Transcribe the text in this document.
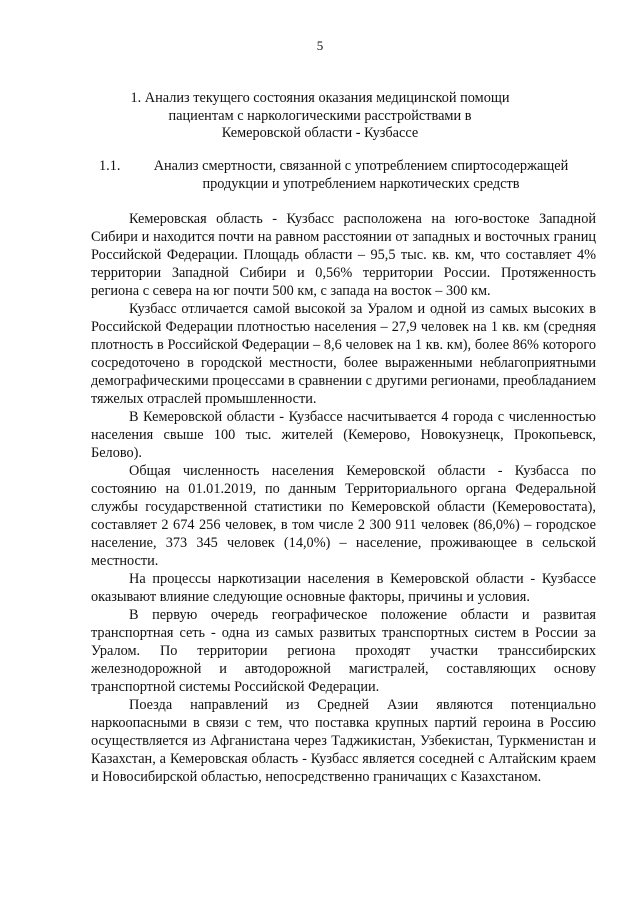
5
1. Анализ текущего состояния оказания медицинской помощи пациентам с наркологическими расстройствами в Кемеровской области - Кузбассе
1.1.	Анализ смертности, связанной с употреблением спиртосодержащей продукции и употреблением наркотических средств

Кемеровская область - Кузбасс расположена на юго-востоке Западной Сибири и находится почти на равном расстоянии от западных и восточных границ Российской Федерации. Площадь области – 95,5 тыс. кв. км, что составляет 4% территории Западной Сибири и 0,56% территории России. Протяженность региона с севера на юг почти 500 км, с запада на восток – 300 км.

Кузбасс отличается самой высокой за Уралом и одной из самых высоких в Российской Федерации плотностью населения – 27,9 человек на 1 кв. км (средняя плотность в Российской Федерации – 8,6 человек на 1 кв. км), более 86% которого сосредоточено в городской местности, более выраженными неблагоприятными демографическими процессами в сравнении с другими регионами, преобладанием тяжелых отраслей промышленности.

В Кемеровской области - Кузбассе насчитывается 4 города с численностью населения свыше 100 тыс. жителей (Кемерово, Новокузнецк, Прокопьевск, Белово).

Общая численность населения Кемеровской области - Кузбасса по состоянию на 01.01.2019, по данным Территориального органа Федеральной службы государственной статистики по Кемеровской области (Кемеровостата), составляет 2 674 256 человек, в том числе 2 300 911 человек (86,0%) – городское население, 373 345 человек (14,0%) – население, проживающее в сельской местности.

На процессы наркотизации населения в Кемеровской области - Кузбассе оказывают влияние следующие основные факторы, причины и условия.

В первую очередь географическое положение области и развитая транспортная сеть - одна из самых развитых транспортных систем в России за Уралом. По территории региона проходят участки транссибирских железнодорожной и автодорожной магистралей, составляющих основу транспортной системы Российской Федерации.

Поезда направлений из Средней Азии являются потенциально наркоопасными в связи с тем, что поставка крупных партий героина в Россию осуществляется из Афганистана через Таджикистан, Узбекистан, Туркменистан и Казахстан, а Кемеровская область - Кузбасс является соседней с Алтайским краем и Новосибирской областью, непосредственно граничащих с Казахстаном.
